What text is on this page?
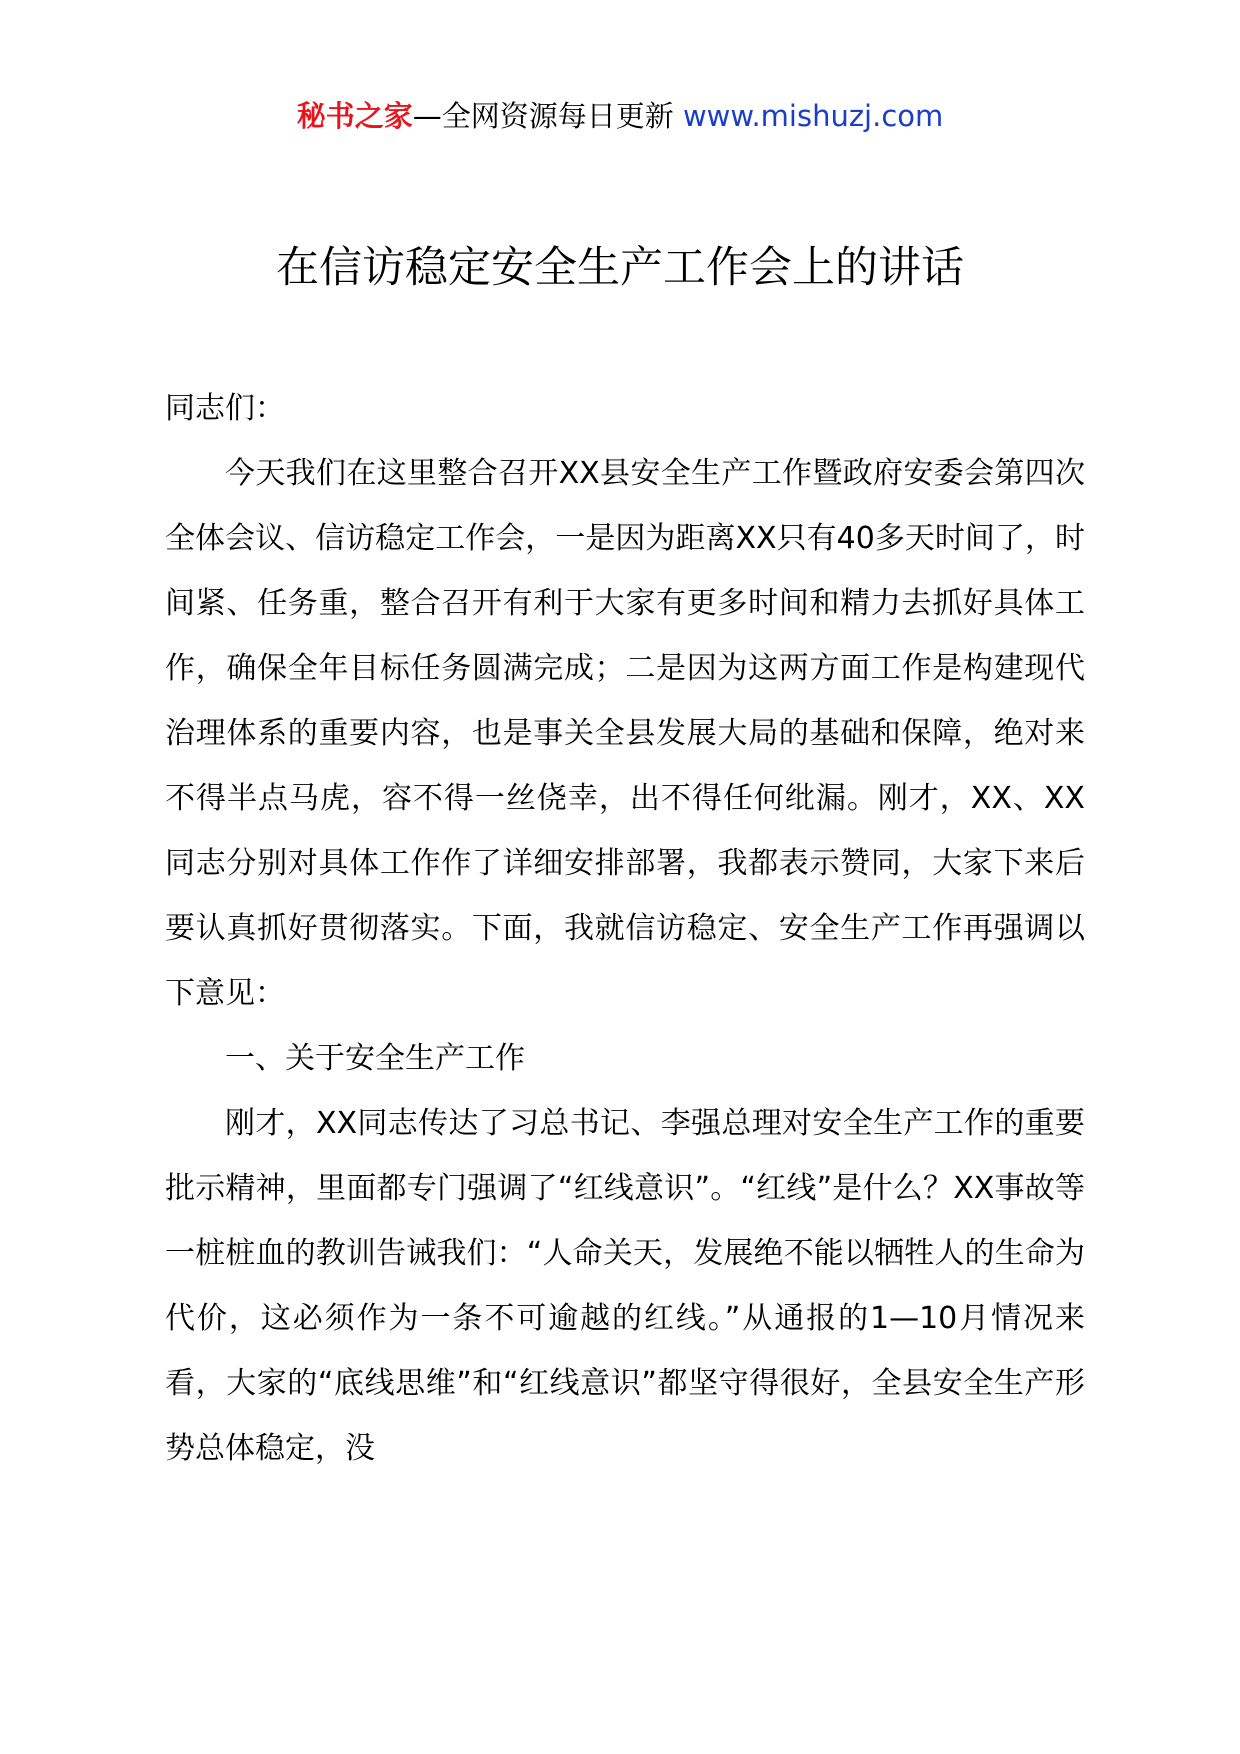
秘书之家—全网资源每日更新 www.mishuzj.com
在信访稳定安全生产工作会上的讲话

同志们：

今天我们在这里整合召开XX县安全生产工作暨政府安委会第四次全体会议、信访稳定工作会，一是因为距离XX只有40多天时间了，时间紧、任务重，整合召开有利于大家有更多时间和精力去抓好具体工作，确保全年目标任务圆满完成；二是因为这两方面工作是构建现代治理体系的重要内容，也是事关全县发展大局的基础和保障，绝对来不得半点马虎，容不得一丝侥幸，出不得任何纰漏。刚才，XX、XX同志分别对具体工作作了详细安排部署，我都表示赞同，大家下来后要认真抓好贯彻落实。下面，我就信访稳定、安全生产工作再强调以下意见：

一、关于安全生产工作

刚才，XX同志传达了习总书记、李强总理对安全生产工作的重要批示精神，里面都专门强调了“红线意识”。“红线”是什么？XX事故等一桩桩血的教训告诫我们：“人命关天，发展绝不能以牺牲人的生命为代价，这必须作为一条不可逾越的红线。”从通报的1—10月情况来看，大家的“底线思维”和“红线意识”都坚守得很好，全县安全生产形势总体稳定，没
